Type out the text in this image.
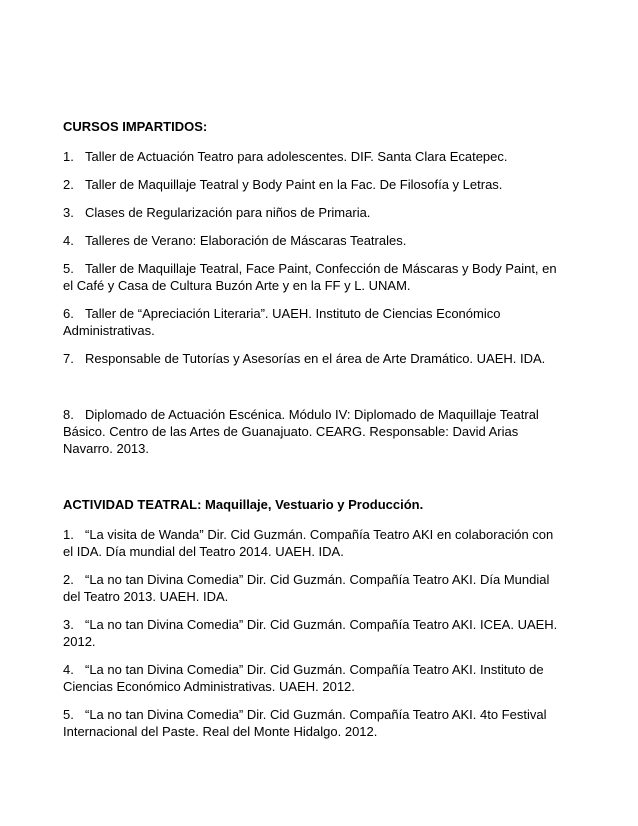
CURSOS IMPARTIDOS:
1. Taller de Actuación Teatro para adolescentes. DIF. Santa Clara Ecatepec.
2. Taller de Maquillaje Teatral y Body Paint en la Fac. De Filosofía y Letras.
3. Clases de Regularización para niños de Primaria.
4. Talleres de Verano: Elaboración de Máscaras Teatrales.
5. Taller de Maquillaje Teatral, Face Paint, Confección de Máscaras y Body Paint, en el Café y Casa de Cultura Buzón Arte y en la FF y L. UNAM.
6. Taller de “Apreciación Literaria”. UAEH. Instituto de Ciencias Económico Administrativas.
7. Responsable de Tutorías y Asesorías en el área de Arte Dramático. UAEH. IDA.
8. Diplomado de Actuación Escénica. Módulo IV: Diplomado de Maquillaje Teatral Básico. Centro de las Artes de Guanajuato. CEARG. Responsable: David Arias Navarro. 2013.
ACTIVIDAD TEATRAL: Maquillaje, Vestuario y Producción.
1. “La visita de Wanda” Dir. Cid Guzmán. Compañía Teatro AKI en colaboración con el IDA. Día mundial del Teatro 2014. UAEH. IDA.
2. “La no tan Divina Comedia” Dir. Cid Guzmán. Compañía Teatro AKI. Día Mundial del Teatro 2013. UAEH. IDA.
3. “La no tan Divina Comedia” Dir. Cid Guzmán. Compañía Teatro AKI. ICEA. UAEH. 2012.
4. “La no tan Divina Comedia” Dir. Cid Guzmán. Compañía Teatro AKI. Instituto de Ciencias Económico Administrativas. UAEH. 2012.
5. “La no tan Divina Comedia” Dir. Cid Guzmán. Compañía Teatro AKI. 4to Festival Internacional del Paste. Real del Monte Hidalgo. 2012.
